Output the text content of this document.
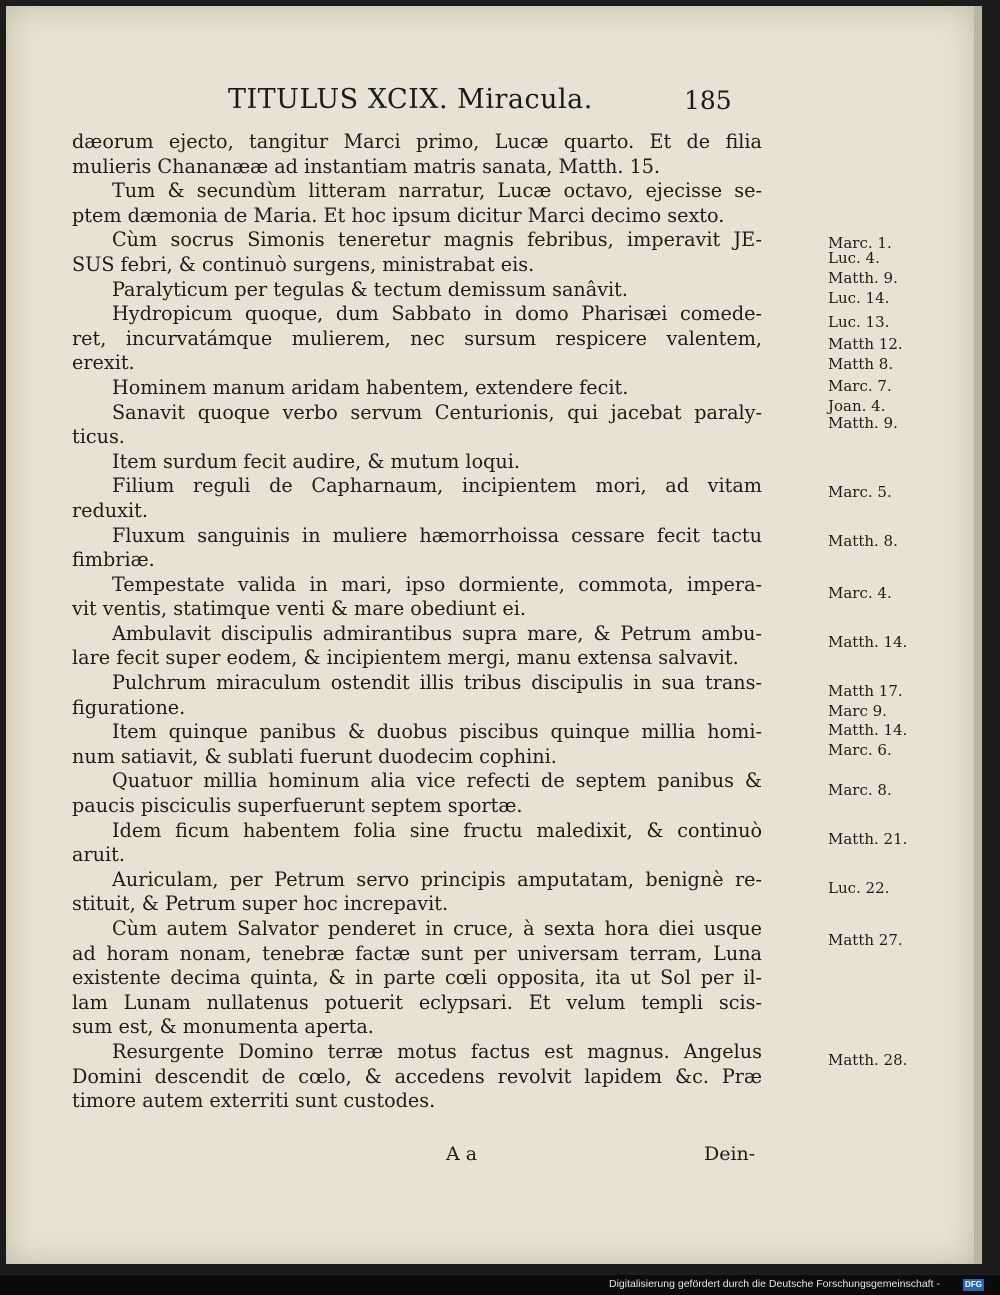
TITULUS XCIX. Miracula.	185
dæorum ejecto, tangitur Marci primo, Lucæ quarto. Et de filia
mulieris Chananææ ad instantiam matris sanata, Matth. 15.
Tum & secundùm litteram narratur, Lucæ octavo, ejecisse se-
ptem dæmonia de Maria. Et hoc ipsum dicitur Marci decimo sexto.
Cùm socrus Simonis teneretur magnis febribus, imperavit JE-
SUS febri, & continuò surgens, ministrabat eis.
Paralyticum per tegulas & tectum demissum sanâvit.
Hydropicum quoque, dum Sabbato in domo Pharisæi comede-
ret, incurvatámque mulierem, nec sursum respicere valentem,
erexit.
Hominem manum aridam habentem, extendere fecit.
Sanavit quoque verbo servum Centurionis, qui jacebat paraly-
ticus.
Item surdum fecit audire, & mutum loqui.
Filium reguli de Capharnaum, incipientem mori, ad vitam
reduxit.
Fluxum sanguinis in muliere hæmorrhoissa cessare fecit tactu
fimbriæ.
Tempestate valida in mari, ipso dormiente, commota, impera-
vit ventis, statimque venti & mare obediunt ei.
Ambulavit discipulis admirantibus supra mare, & Petrum ambu-
lare fecit super eodem, & incipientem mergi, manu extensa salvavit.
Pulchrum miraculum ostendit illis tribus discipulis in sua trans-
figuratione.
Item quinque panibus & duobus piscibus quinque millia homi-
num satiavit, & sublati fuerunt duodecim cophini.
Quatuor millia hominum alia vice refecti de septem panibus &
paucis pisciculis superfuerunt septem sportæ.
Idem ficum habentem folia sine fructu maledixit, & continuò
aruit.
Auriculam, per Petrum servo principis amputatam, benignè re-
stituit, & Petrum super hoc increpavit.
Cùm autem Salvator penderet in cruce, à sexta hora diei usque
ad horam nonam, tenebræ factæ sunt per universam terram, Luna
existente decima quinta, & in parte cœli opposita, ita ut Sol per il-
lam Lunam nullatenus potuerit eclypsari. Et velum templi scis-
sum est, & monumenta aperta.
Resurgente Domino terræ motus factus est magnus. Angelus
Domini descendit de cœlo, & accedens revolvit lapidem &c. Præ
timore autem exterriti sunt custodes.
Marc. 1.
Luc. 4.
Matth. 9.
Luc. 14.
Luc. 13.
Matth 12.
Matth 8.
Marc. 7.
Joan. 4.
Matth. 9.
Marc. 5.
Matth. 8.
Marc. 4.
Matth. 14.
Matth 17.
Marc 9.
Matth. 14.
Marc. 6.
Marc. 8.
Matth. 21.
Luc. 22.
Matth 27.
Matth. 28.
A a	Dein-
Digitalisierung gefördert durch die Deutsche Forschungsgemeinschaft -	DFG
